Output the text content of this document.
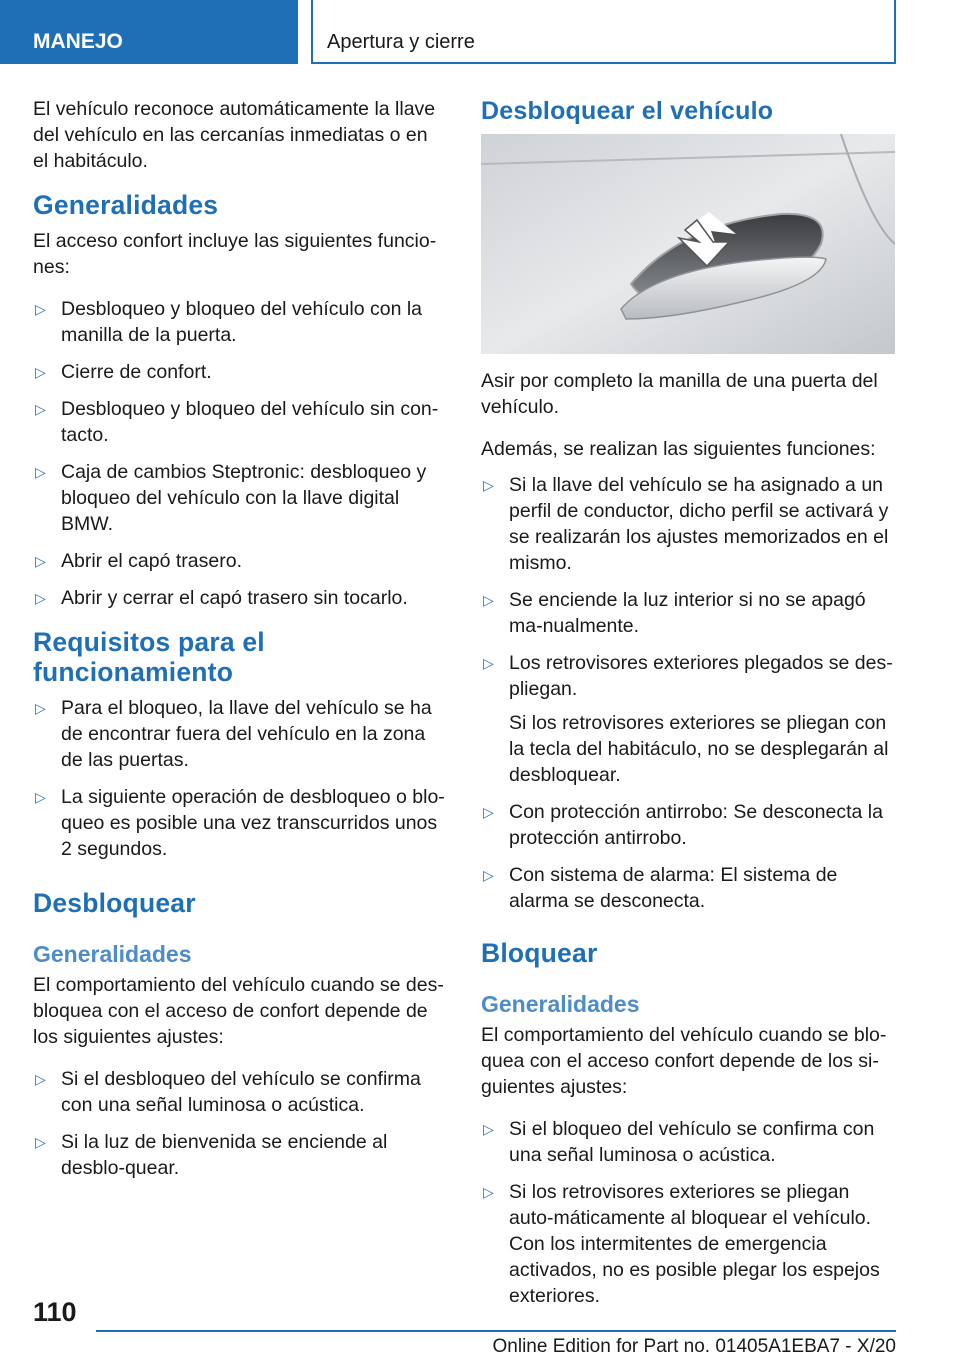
MANEJO	Apertura y cierre

El vehículo reconoce automáticamente la llave del vehículo en las cercanías inmediatas o en el habitáculo.

Generalidades

El acceso confort incluye las siguientes funcio-nes:

▷ Desbloqueo y bloqueo del vehículo con la manilla de la puerta.
▷ Cierre de confort.
▷ Desbloqueo y bloqueo del vehículo sin con-tacto.
▷ Caja de cambios Steptronic: desbloqueo y bloqueo del vehículo con la llave digital BMW.
▷ Abrir el capó trasero.
▷ Abrir y cerrar el capó trasero sin tocarlo.
Requisitos para el funcionamiento
▷ Para el bloqueo, la llave del vehículo se ha de encontrar fuera del vehículo en la zona de las puertas.
▷ La siguiente operación de desbloqueo o blo-queo es posible una vez transcurridos unos 2 segundos.
Desbloquear
Generalidades

El comportamiento del vehículo cuando se des-bloquea con el acceso de confort depende de los siguientes ajustes:

▷ Si el desbloqueo del vehículo se confirma con una señal luminosa o acústica.
▷ Si la luz de bienvenida se enciende al desblo-quear.
Desbloquear el vehículo

Asir por completo la manilla de una puerta del vehículo.

Además, se realizan las siguientes funciones:

▷ Si la llave del vehículo se ha asignado a un perfil de conductor, dicho perfil se activará y se realizarán los ajustes memorizados en el mismo.
▷ Se enciende la luz interior si no se apagó ma-nualmente.
▷ Los retrovisores exteriores plegados se des-pliegan.
Si los retrovisores exteriores se pliegan con la tecla del habitáculo, no se desplegarán al desbloquear.
▷ Con protección antirrobo: Se desconecta la protección antirrobo.
▷ Con sistema de alarma: El sistema de alarma se desconecta.
Bloquear
Generalidades

El comportamiento del vehículo cuando se blo-quea con el acceso confort depende de los si-guientes ajustes:

▷ Si el bloqueo del vehículo se confirma con una señal luminosa o acústica.
▷ Si los retrovisores exteriores se pliegan auto-máticamente al bloquear el vehículo. Con los intermitentes de emergencia activados, no es posible plegar los espejos exteriores.
110
Online Edition for Part no. 01405A1EBA7 - X/20
